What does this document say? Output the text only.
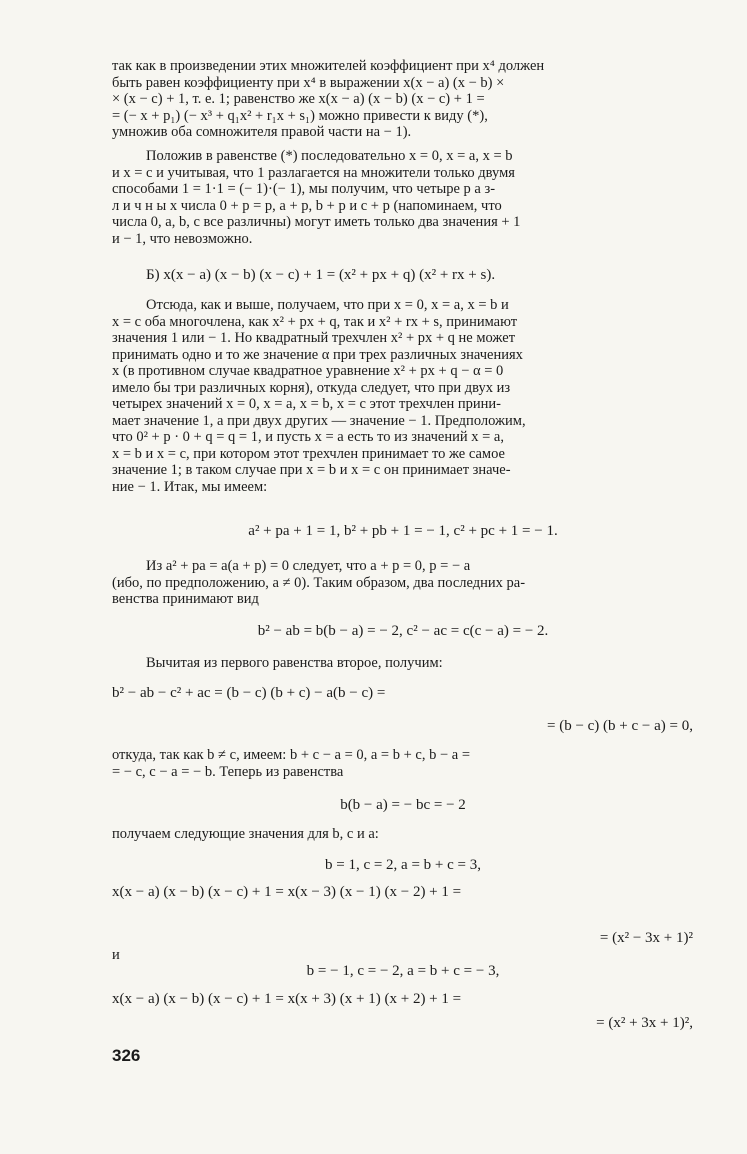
так как в произведении этих множителей коэффициент при x⁴ должен
быть равен коэффициенту при x⁴ в выражении x(x − a) (x − b) ×
× (x − c) + 1, т. е. 1; равенство же x(x − a) (x − b) (x − c) + 1 =
= (− x + p₁) (− x³ + q₁x² + r₁x + s₁) можно привести к виду (*),
умножив оба сомножителя правой части на − 1).
Положив в равенстве (*) последовательно x = 0, x = a, x = b
и x = c и учитывая, что 1 разлагается на множители только двумя
способами 1 = 1·1 = (− 1)·(− 1), мы получим, что четыре р а з-
л и ч н ы х числа 0 + p = p, a + p, b + p и c + p (напоминаем, что
числа 0, a, b, c все различны) могут иметь только два значения + 1
и − 1, что невозможно.
Б) x(x − a) (x − b) (x − c) + 1 = (x² + px + q) (x² + rx + s).
Отсюда, как и выше, получаем, что при x = 0, x = a, x = b и
x = c оба многочлена, как x² + px + q, так и x² + rx + s, принимают
значения 1 или − 1. Но квадратный трехчлен x² + px + q не может
принимать одно и то же значение α при трех различных значениях
x (в противном случае квадратное уравнение x² + px + q − α = 0
имело бы три различных корня), откуда следует, что при двух из
четырех значений x = 0, x = a, x = b, x = c этот трехчлен прини-
мает значение 1, а при двух других — значение − 1. Предположим,
что 0² + p · 0 + q = q = 1, и пусть x = a есть то из значений x = a,
x = b и x = c, при котором этот трехчлен принимает то же самое
значение 1; в таком случае при x = b и x = c он принимает значе-
ние − 1. Итак, мы имеем:
a² + pa + 1 = 1, b² + pb + 1 = − 1, c² + pc + 1 = − 1.
Из a² + pa = a(a + p) = 0 следует, что a + p = 0, p = − a
(ибо, по предположению, a ≠ 0). Таким образом, два последних ра-
венства принимают вид
b² − ab = b(b − a) = − 2, c² − ac = c(c − a) = − 2.
Вычитая из первого равенства второе, получим:
b² − ab − c² + ac = (b − c) (b + c) − a(b − c) =
= (b − c) (b + c − a) = 0,
откуда, так как b ≠ c, имеем: b + c − a = 0, a = b + c, b − a =
= − c, c − a = − b. Теперь из равенства
b(b − a) = − bc = − 2
получаем следующие значения для b, c и a:
b = 1, c = 2, a = b + c = 3,
x(x − a) (x − b) (x − c) + 1 = x(x − 3) (x − 1) (x − 2) + 1 =
= (x² − 3x + 1)²
и
b = − 1, c = − 2, a = b + c = − 3,
x(x − a) (x − b) (x − c) + 1 = x(x + 3) (x + 1) (x + 2) + 1 =
= (x² + 3x + 1)²,
326
